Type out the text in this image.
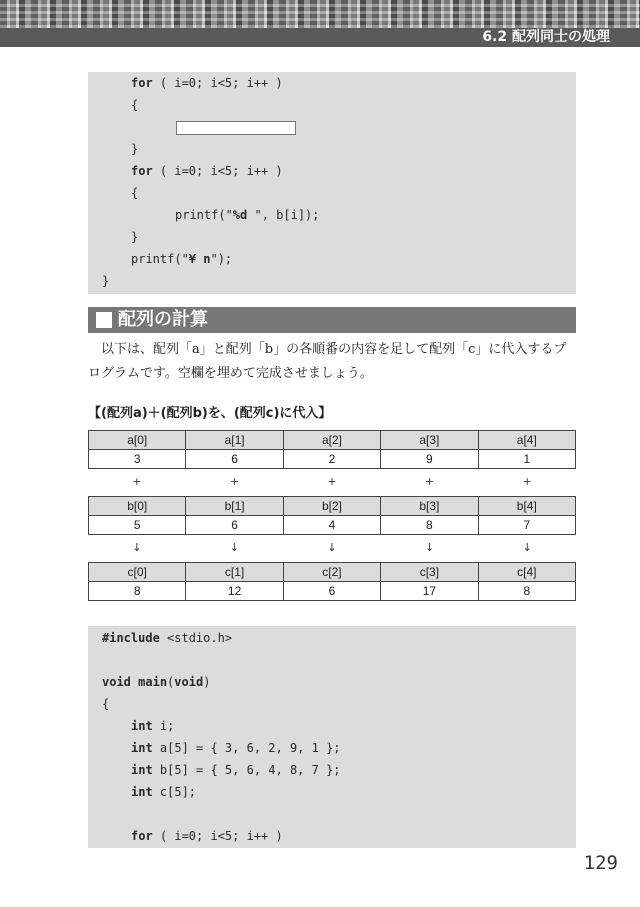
6.2 配列同士の処理
for ( i=0; i<5; i++ )
{
}
for ( i=0; i<5; i++ )
{
printf("%d ", b[i]);
}
printf("¥ n");
}
配列の計算
以下は、配列「a」と配列「b」の各順番の内容を足して配列「c」に代入するプログラムです。空欄を埋めて完成させましょう。
【(配列a)＋(配列b)を、(配列c)に代入】
a[0]	a[1]	a[2]	a[3]	a[4]
3	6	2	9	1
+	+	+	+	+
b[0]	b[1]	b[2]	b[3]	b[4]
5	6	4	8	7
↓	↓	↓	↓	↓
c[0]	c[1]	c[2]	c[3]	c[4]
8	12	6	17	8
#include <stdio.h>
void main(void)
{
int i;
int a[5] = { 3, 6, 2, 9, 1 };
int b[5] = { 5, 6, 4, 8, 7 };
int c[5];
for ( i=0; i<5; i++ )
129
